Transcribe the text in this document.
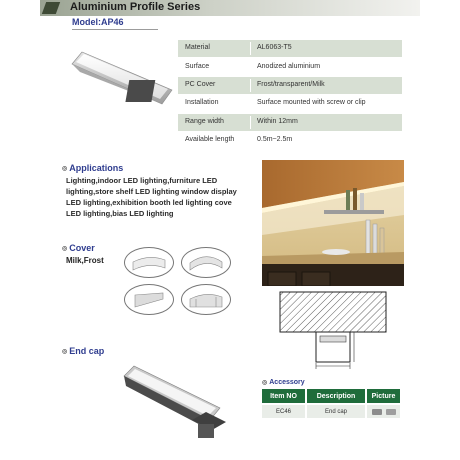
Aluminium Profile Series
Model:AP46
Material	AL6063-T5
Surface	Anodized aluminium
PC Cover	Frost/transparent/Milk
Installation	Surface mounted with screw or clip
Range width	Within 12mm
Available length	0.5m~2.5m
◎ Applications
Lighting,indoor LED lighting,furniture LED lighting,store shelf LED lighting window display LED lighting,exhibition booth led lighting cove LED lighting,bias LED lighting
◎ Cover
Milk,Frost
◎ End cap
◎ Accessory
Item NO	Description	Picture
EC46	End cap
